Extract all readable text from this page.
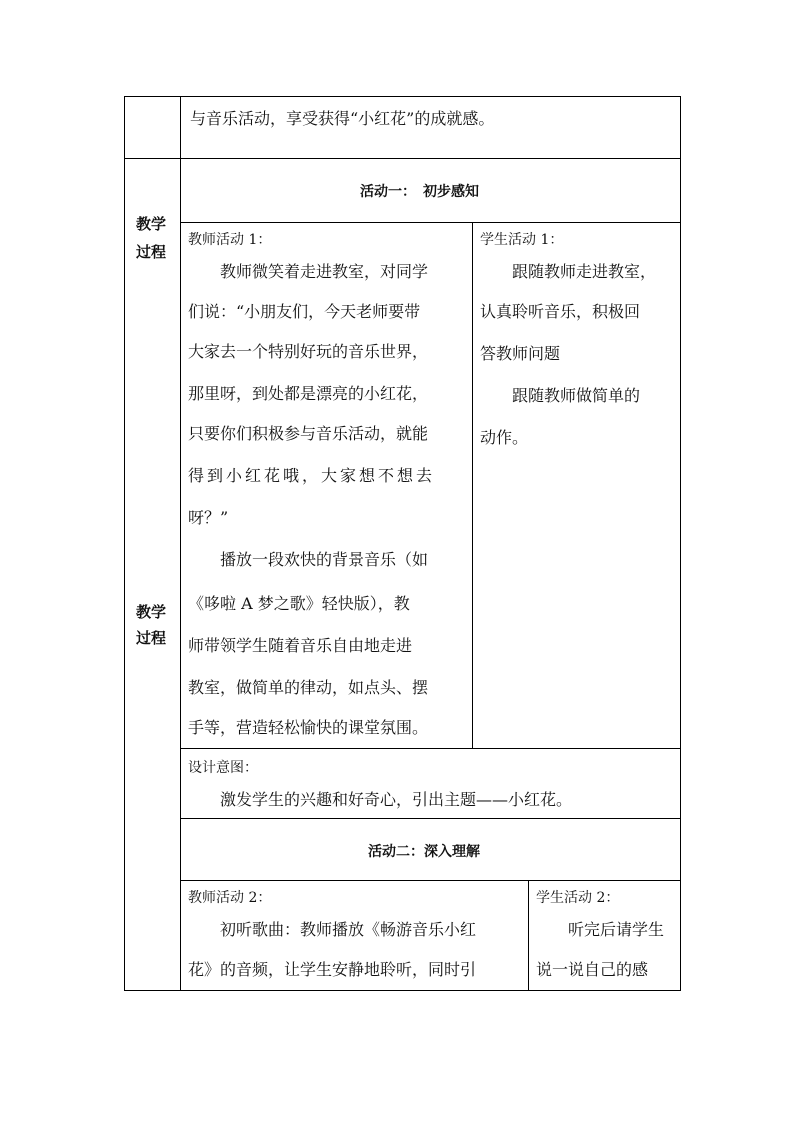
与音乐活动，享受获得“小红花”的成就感。
教学
过程
教学
过程
活动一：　初步感知
教师活动 1：
　　教师微笑着走进教室，对同学
们说：“小朋友们，今天老师要带
大家去一个特别好玩的音乐世界，
那里呀，到处都是漂亮的小红花，
只要你们积极参与音乐活动，就能
得到小红花哦，大家想不想去
呀？”
　　播放一段欢快的背景音乐（如
《哆啦 A 梦之歌》轻快版），教
师带领学生随着音乐自由地走进
教室，做简单的律动，如点头、摆
手等，营造轻松愉快的课堂氛围。
学生活动 1：
　　跟随教师走进教室，
认真聆听音乐，积极回
答教师问题
　　跟随教师做简单的
动作。
设计意图：
　　激发学生的兴趣和好奇心，引出主题——小红花。
活动二：深入理解
教师活动 2：
　　初听歌曲：教师播放《畅游音乐小红
花》的音频，让学生安静地聆听，同时引
学生活动 2：
　　听完后请学生
说一说自己的感
